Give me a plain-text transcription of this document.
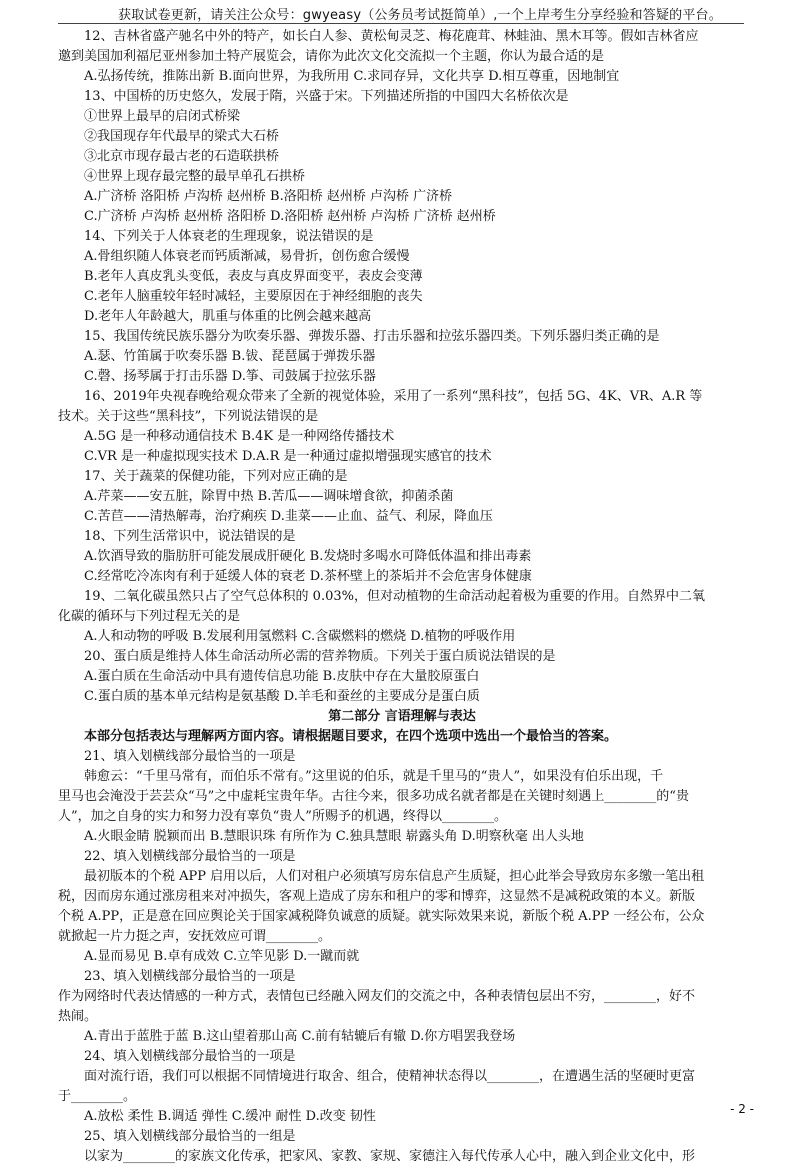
获取试卷更新，请关注公众号：gwyeasy（公务员考试挺简单）,一个上岸考生分享经验和答疑的平台。
12、吉林省盛产驰名中外的特产，如长白人参、黄松甸灵芝、梅花鹿茸、林蛙油、黑木耳等。假如吉林省应
邀到美国加利福尼亚州参加土特产展览会，请你为此次文化交流拟一个主题，你认为最合适的是
A.弘扬传统，推陈出新 B.面向世界，为我所用 C.求同存异，文化共享 D.相互尊重，因地制宜
13、中国桥的历史悠久，发展于隋，兴盛于宋。下列描述所指的中国四大名桥依次是
①世界上最早的启闭式桥梁
②我国现存年代最早的梁式大石桥
③北京市现存最古老的石造联拱桥
④世界上现存最完整的最早单孔石拱桥
A.广济桥 洛阳桥 卢沟桥 赵州桥 B.洛阳桥 赵州桥 卢沟桥 广济桥
C.广济桥 卢沟桥 赵州桥 洛阳桥 D.洛阳桥 赵州桥 卢沟桥 广济桥 赵州桥
14、下列关于人体衰老的生理现象，说法错误的是
A.骨组织随人体衰老而钙质渐减，易骨折，创伤愈合缓慢
B.老年人真皮乳头变低，表皮与真皮界面变平，表皮会变薄
C.老年人脑重较年轻时减轻，主要原因在于神经细胞的丧失
D.老年人年龄越大，肌重与体重的比例会越来越高
15、我国传统民族乐器分为吹奏乐器、弹拨乐器、打击乐器和拉弦乐器四类。下列乐器归类正确的是
A.瑟、竹笛属于吹奏乐器 B.钹、琵琶属于弹拨乐器
C.磬、扬琴属于打击乐器 D.筝、司鼓属于拉弦乐器
16、2019年央视春晚给观众带来了全新的视觉体验，采用了一系列“黑科技”，包括 5G、4K、VR、A.R 等
技术。关于这些“黑科技”，下列说法错误的是
A.5G 是一种移动通信技术 B.4K 是一种网络传播技术
C.VR 是一种虚拟现实技术 D.A.R 是一种通过虚拟增强现实感官的技术
17、关于蔬菜的保健功能，下列对应正确的是
A.芹菜——安五脏，除胃中热 B.苦瓜——调味增食欲，抑菌杀菌
C.苦苣——清热解毒，治疗痢疾 D.韭菜——止血、益气、利尿，降血压
18、下列生活常识中，说法错误的是
A.饮酒导致的脂肪肝可能发展成肝硬化 B.发烧时多喝水可降低体温和排出毒素
C.经常吃冷冻肉有利于延缓人体的衰老 D.茶杯壁上的茶垢并不会危害身体健康
19、二氧化碳虽然只占了空气总体积的 0.03%，但对动植物的生命活动起着极为重要的作用。自然界中二氧
化碳的循环与下列过程无关的是
A.人和动物的呼吸 B.发展利用氢燃料 C.含碳燃料的燃烧 D.植物的呼吸作用
20、蛋白质是维持人体生命活动所必需的营养物质。下列关于蛋白质说法错误的是
A.蛋白质在生命活动中具有遗传信息功能 B.皮肤中存在大量胶原蛋白
C.蛋白质的基本单元结构是氨基酸 D.羊毛和蚕丝的主要成分是蛋白质
第二部分 言语理解与表达
本部分包括表达与理解两方面内容。请根据题目要求，在四个选项中选出一个最恰当的答案。
21、填入划横线部分最恰当的一项是
韩愈云：“千里马常有，而伯乐不常有。”这里说的伯乐，就是千里马的“贵人”，如果没有伯乐出现，千
里马也会淹没于芸芸众“马”之中虚耗宝贵年华。古往今来，很多功成名就者都是在关键时刻遇上________的“贵
人”，加之自身的实力和努力没有辜负“贵人”所赐予的机遇，终得以________。
A.火眼金睛 脱颖而出 B.慧眼识珠 有所作为 C.独具慧眼 崭露头角 D.明察秋毫 出人头地
22、填入划横线部分最恰当的一项是
最初版本的个税 APP 启用以后，人们对租户必须填写房东信息产生质疑，担心此举会导致房东多缴一笔出租
税，因而房东通过涨房租来对冲损失，客观上造成了房东和租户的零和博弈，这显然不是减税政策的本义。新版
个税 A.PP，正是意在回应舆论关于国家减税降负诚意的质疑。就实际效果来说，新版个税 A.PP 一经公布，公众
就掀起一片力挺之声，安抚效应可谓________。
A.显而易见 B.卓有成效 C.立竿见影 D.一蹴而就
23、填入划横线部分最恰当的一项是
作为网络时代表达情感的一种方式，表情包已经融入网友们的交流之中，各种表情包层出不穷，________，好不
热闹。
A.青出于蓝胜于蓝 B.这山望着那山高 C.前有轱辘后有辙 D.你方唱罢我登场
24、填入划横线部分最恰当的一项是
面对流行语，我们可以根据不同情境进行取舍、组合，使精神状态得以________，在遭遇生活的坚硬时更富
于________。
A.放松 柔性 B.调适 弹性 C.缓冲 耐性 D.改变 韧性
25、填入划横线部分最恰当的一组是
以家为________的家族文化传承，把家风、家教、家规、家德注入每代传承人心中，融入到企业文化中，形
- 2 -
